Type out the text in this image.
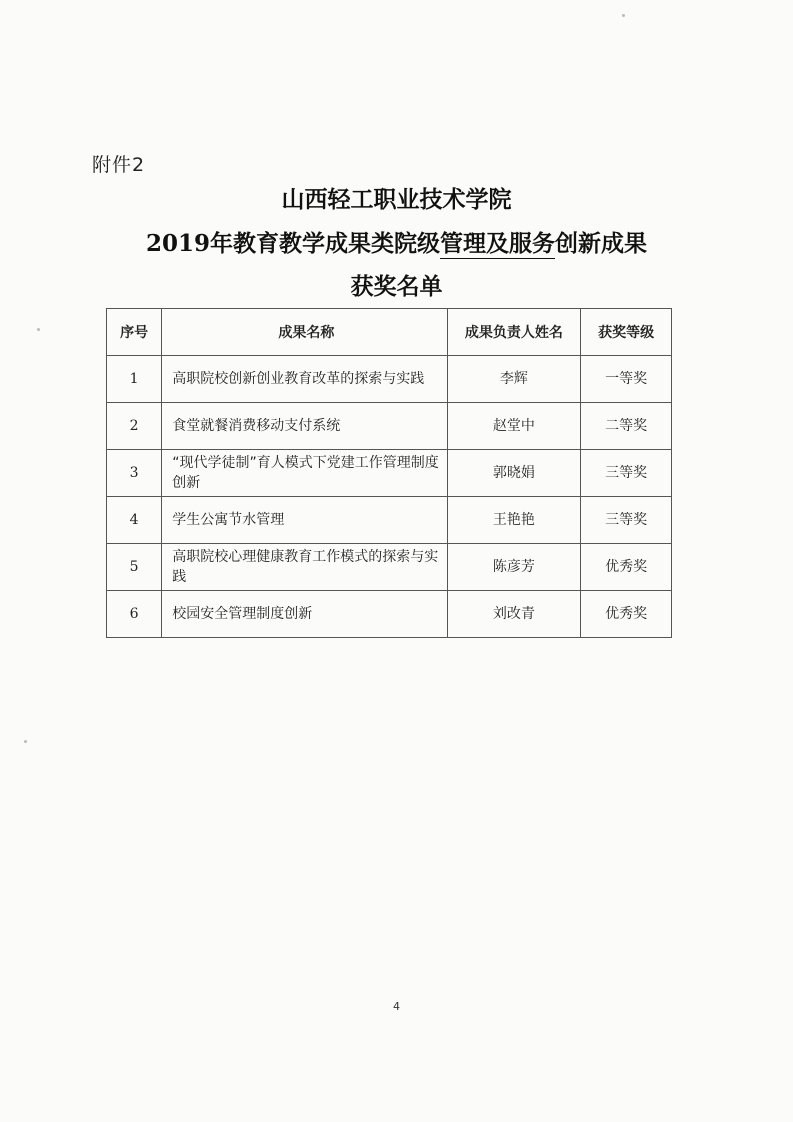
附件2
山西轻工职业技术学院
2019年教育教学成果类院级管理及服务创新成果
获奖名单
序号	成果名称	成果负责人姓名	获奖等级
1	高职院校创新创业教育改革的探索与实践	李辉	一等奖
2	食堂就餐消费移动支付系统	赵堂中	二等奖
3	“现代学徒制”育人模式下党建工作管理制度创新	郭晓娟	三等奖
4	学生公寓节水管理	王艳艳	三等奖
5	高职院校心理健康教育工作模式的探索与实践	陈彦芳	优秀奖
6	校园安全管理制度创新	刘改青	优秀奖
4
